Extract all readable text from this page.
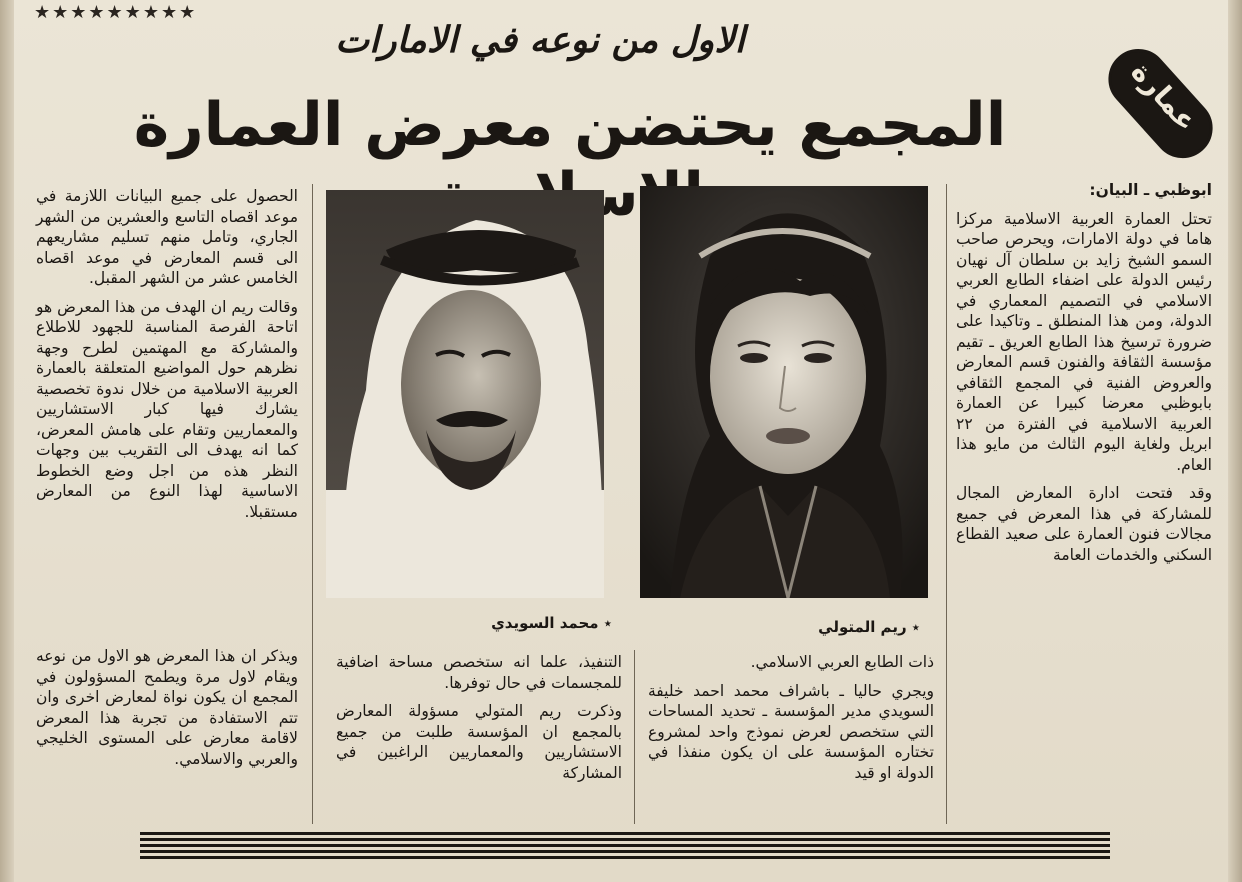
★★★★★★★★★
الاول من نوعه في الامارات
المجمع يحتضن معرض العمارة	عمارة

ابوظبي ـ البيان:

تحتل العمارة العربية الاسلامية مركزا هاما في دولة الامارات، ويحرص صاحب السمو الشيخ زايد بن سلطان آل نهيان رئيس الدولة على اضفاء الطابع العربي الاسلامي في التصميم المعماري في الدولة، ومن هذا المنطلق ـ وتاكيدا على ضرورة ترسيخ هذا الطابع العريق ـ تقيم مؤسسة الثقافة والفنون قسم المعارض والعروض الفنية في المجمع الثقافي بابوظبي معرضا كبيرا عن العمارة العربية الاسلامية في الفترة من ٢٢ ابريل ولغاية اليوم الثالث من مايو هذا العام.

وقد فتحت ادارة المعارض المجال للمشاركة في هذا المعرض في جميع مجالات فنون العمارة على صعيد القطاع السكني والخدمات العامة

٭ ريم المتولي
٭ محمد السويدي

ذات الطابع العربي الاسلامي.

ويجري حاليا ـ باشراف محمد احمد خليفة السويدي مدير المؤسسة ـ تحديد المساحات التي ستخصص لعرض نموذج واحد لمشروع تختاره المؤسسة على ان يكون منفذا في الدولة او قيد

التنفيذ، علما انه ستخصص مساحة اضافية للمجسمات في حال توفرها.

وذكرت ريم المتولي مسؤولة المعارض بالمجمع ان المؤسسة طلبت من جميع الاستشاريين والمعماريين الراغبين في المشاركة

الحصول على جميع البيانات اللازمة في موعد اقصاه التاسع والعشرين من الشهر الجاري، وتامل منهم تسليم مشاريعهم الى قسم المعارض في موعد اقصاه الخامس عشر من الشهر المقبل.

وقالت ريم ان الهدف من هذا المعرض هو اتاحة الفرصة المناسبة للجهود للاطلاع والمشاركة مع المهتمين لطرح وجهة نظرهم حول المواضيع المتعلقة بالعمارة العربية الاسلامية من خلال ندوة تخصصية يشارك فيها كبار الاستشاريين والمعماريين وتقام على هامش المعرض، كما انه يهدف الى التقريب بين وجهات النظر هذه من اجل وضع الخطوط الاساسية لهذا النوع من المعارض مستقبلا.

ويذكر ان هذا المعرض هو الاول من نوعه ويقام لاول مرة ويطمح المسؤولون في المجمع ان يكون نواة لمعارض اخرى وان تتم الاستفادة من تجربة هذا المعرض لاقامة معارض على المستوى الخليجي والعربي والاسلامي.
